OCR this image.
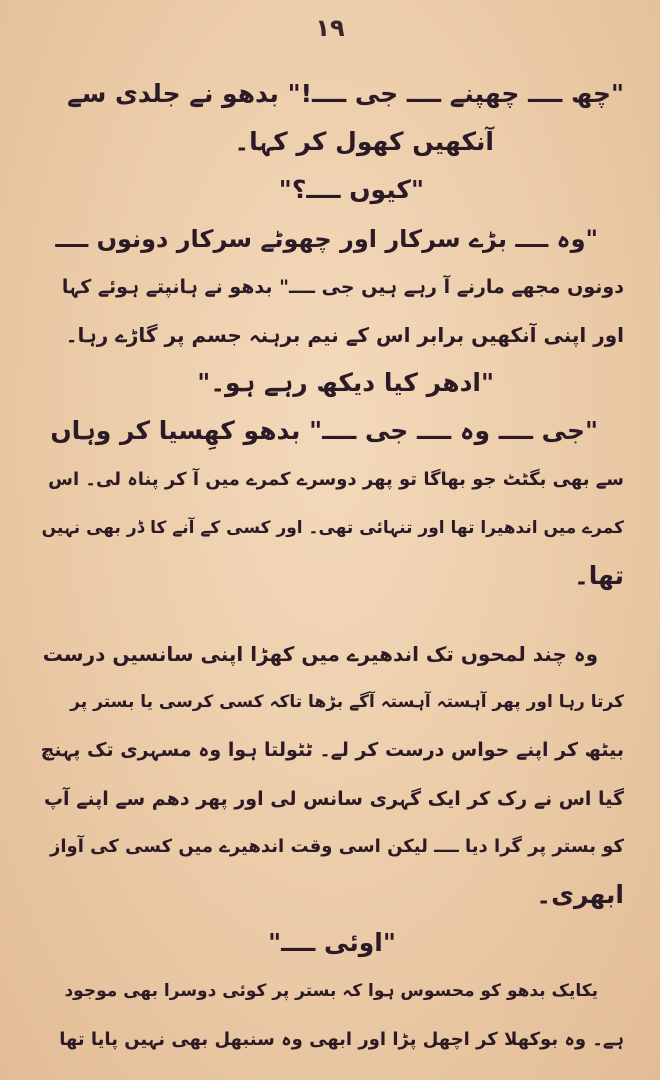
۱۹
"چھ ــــ چھپنے ــــ جی ــــ!" بدھو نے جلدی سے
آنکھیں کھول کر کہا۔
"کیوں ــــ؟"
"وہ ــــ بڑے سرکار اور چھوٹے سرکار دونوں ــــ
دونوں مجھے مارنے آ رہے ہیں جی ــــ" بدھو نے ہانپتے ہوئے کہا
اور اپنی آنکھیں برابر اس کے نیم برہنہ جسم پر گاڑے رہا۔
"ادھر کیا دیکھ رہے ہو۔"
"جی ــــ وہ ــــ جی ــــ" بدھو کھِسیا کر وہاں
سے بھی بگٹٹ جو بھاگا تو پھر دوسرے کمرے میں آ کر پناہ لی۔ اس
کمرے میں اندھیرا تھا اور تنہائی تھی۔ اور کسی کے آنے کا ڈر بھی نہیں
تھا۔
وہ چند لمحوں تک اندھیرے میں کھڑا اپنی سانسیں درست
کرتا رہا اور پھر آہستہ آہستہ آگے بڑھا تاکہ کسی کرسی یا بستر پر
بیٹھ کر اپنے حواس درست کر لے۔ ٹٹولتا ہوا وہ مسہری تک پہنچ
گیا اس نے رک کر ایک گہری سانس لی اور پھر دھم سے اپنے آپ
کو بستر پر گرا دیا ــــ لیکن اسی وقت اندھیرے میں کسی کی آواز
ابھری۔
"اوئی ــــ"
یکایک بدھو کو محسوس ہوا کہ بستر پر کوئی دوسرا بھی موجود
ہے۔ وہ بوکھلا کر اچھل پڑا اور ابھی وہ سنبھل بھی نہیں پایا تھا
